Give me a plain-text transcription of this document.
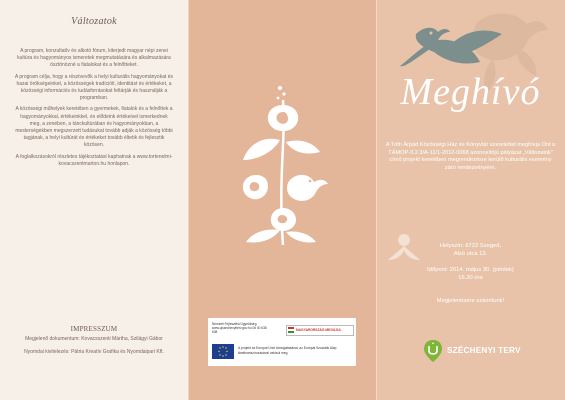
Változatok

A program, konzultatív és alkotó fórum, kiterjedt magyar népi zenei kultúra és hagyományos ismeretek megmutatására és alkalmazására ösztönözné a fiatalokat és a felnőtteket.

A program célja, hogy a résztvevők a helyi kulturális hagyományokat és hazai örökségeinket, a közösségek tradícióit, identitást és értékeket, a közösségi információs és tudásforrásokat feltárják és használják a programban.

A közösségi műhelyek keretében a gyermekek, fiatalok és a felnőttek a hagyományokkal, értékeinkkel, és elődeink értékeivel ismerkednek meg, a zenében, a tánckultúrában és hagyományokban, a mesterségekben megszerzett tudásukat tovább adják a közösség többi tagjának, a helyi kultúrát és értékeket tovább éltetik és fejlesztik közösen.

A foglalkozásokról részletes tájékoztatást kaphatnak a www.tortenelmi-kovacszentmarton.hu honlapon.

IMPRESSZUM

Megjelenő dokumentum: Kovacsszenti Mártha, Szilágyi Gábor

Nyomdai kivitelezés: Pátria Kreatív Grafika és Nyomdaipari Kft.

Nemzeti Fejlesztési Ügynökség www.ujszechenyiterv.gov.hu 06 40 638 638	MAGYARORSZÁG MEGÚJUL
A projekt az Európai Unió támogatásával, az Európai Szociális Alap társfinanszírozásával valósul meg.
Meghívó
A Tóth Árpád Közösségi Ház és Könyvtár szeretettel meghívja Önt a TÁMOP-3.2.3/A-11/1-2012-0068 azonosítójú pályázat „Változatok” című projekt keretében megrendezésre kerülő kulturális esemény záró rendezvényére.
Helyszín: 6722 Szeged,
Alsó utca 13.
Időpont: 2014. május 30. (péntek)
16.30 óra
Megjelenésére számítunk!
SZÉCHENYI TERV
